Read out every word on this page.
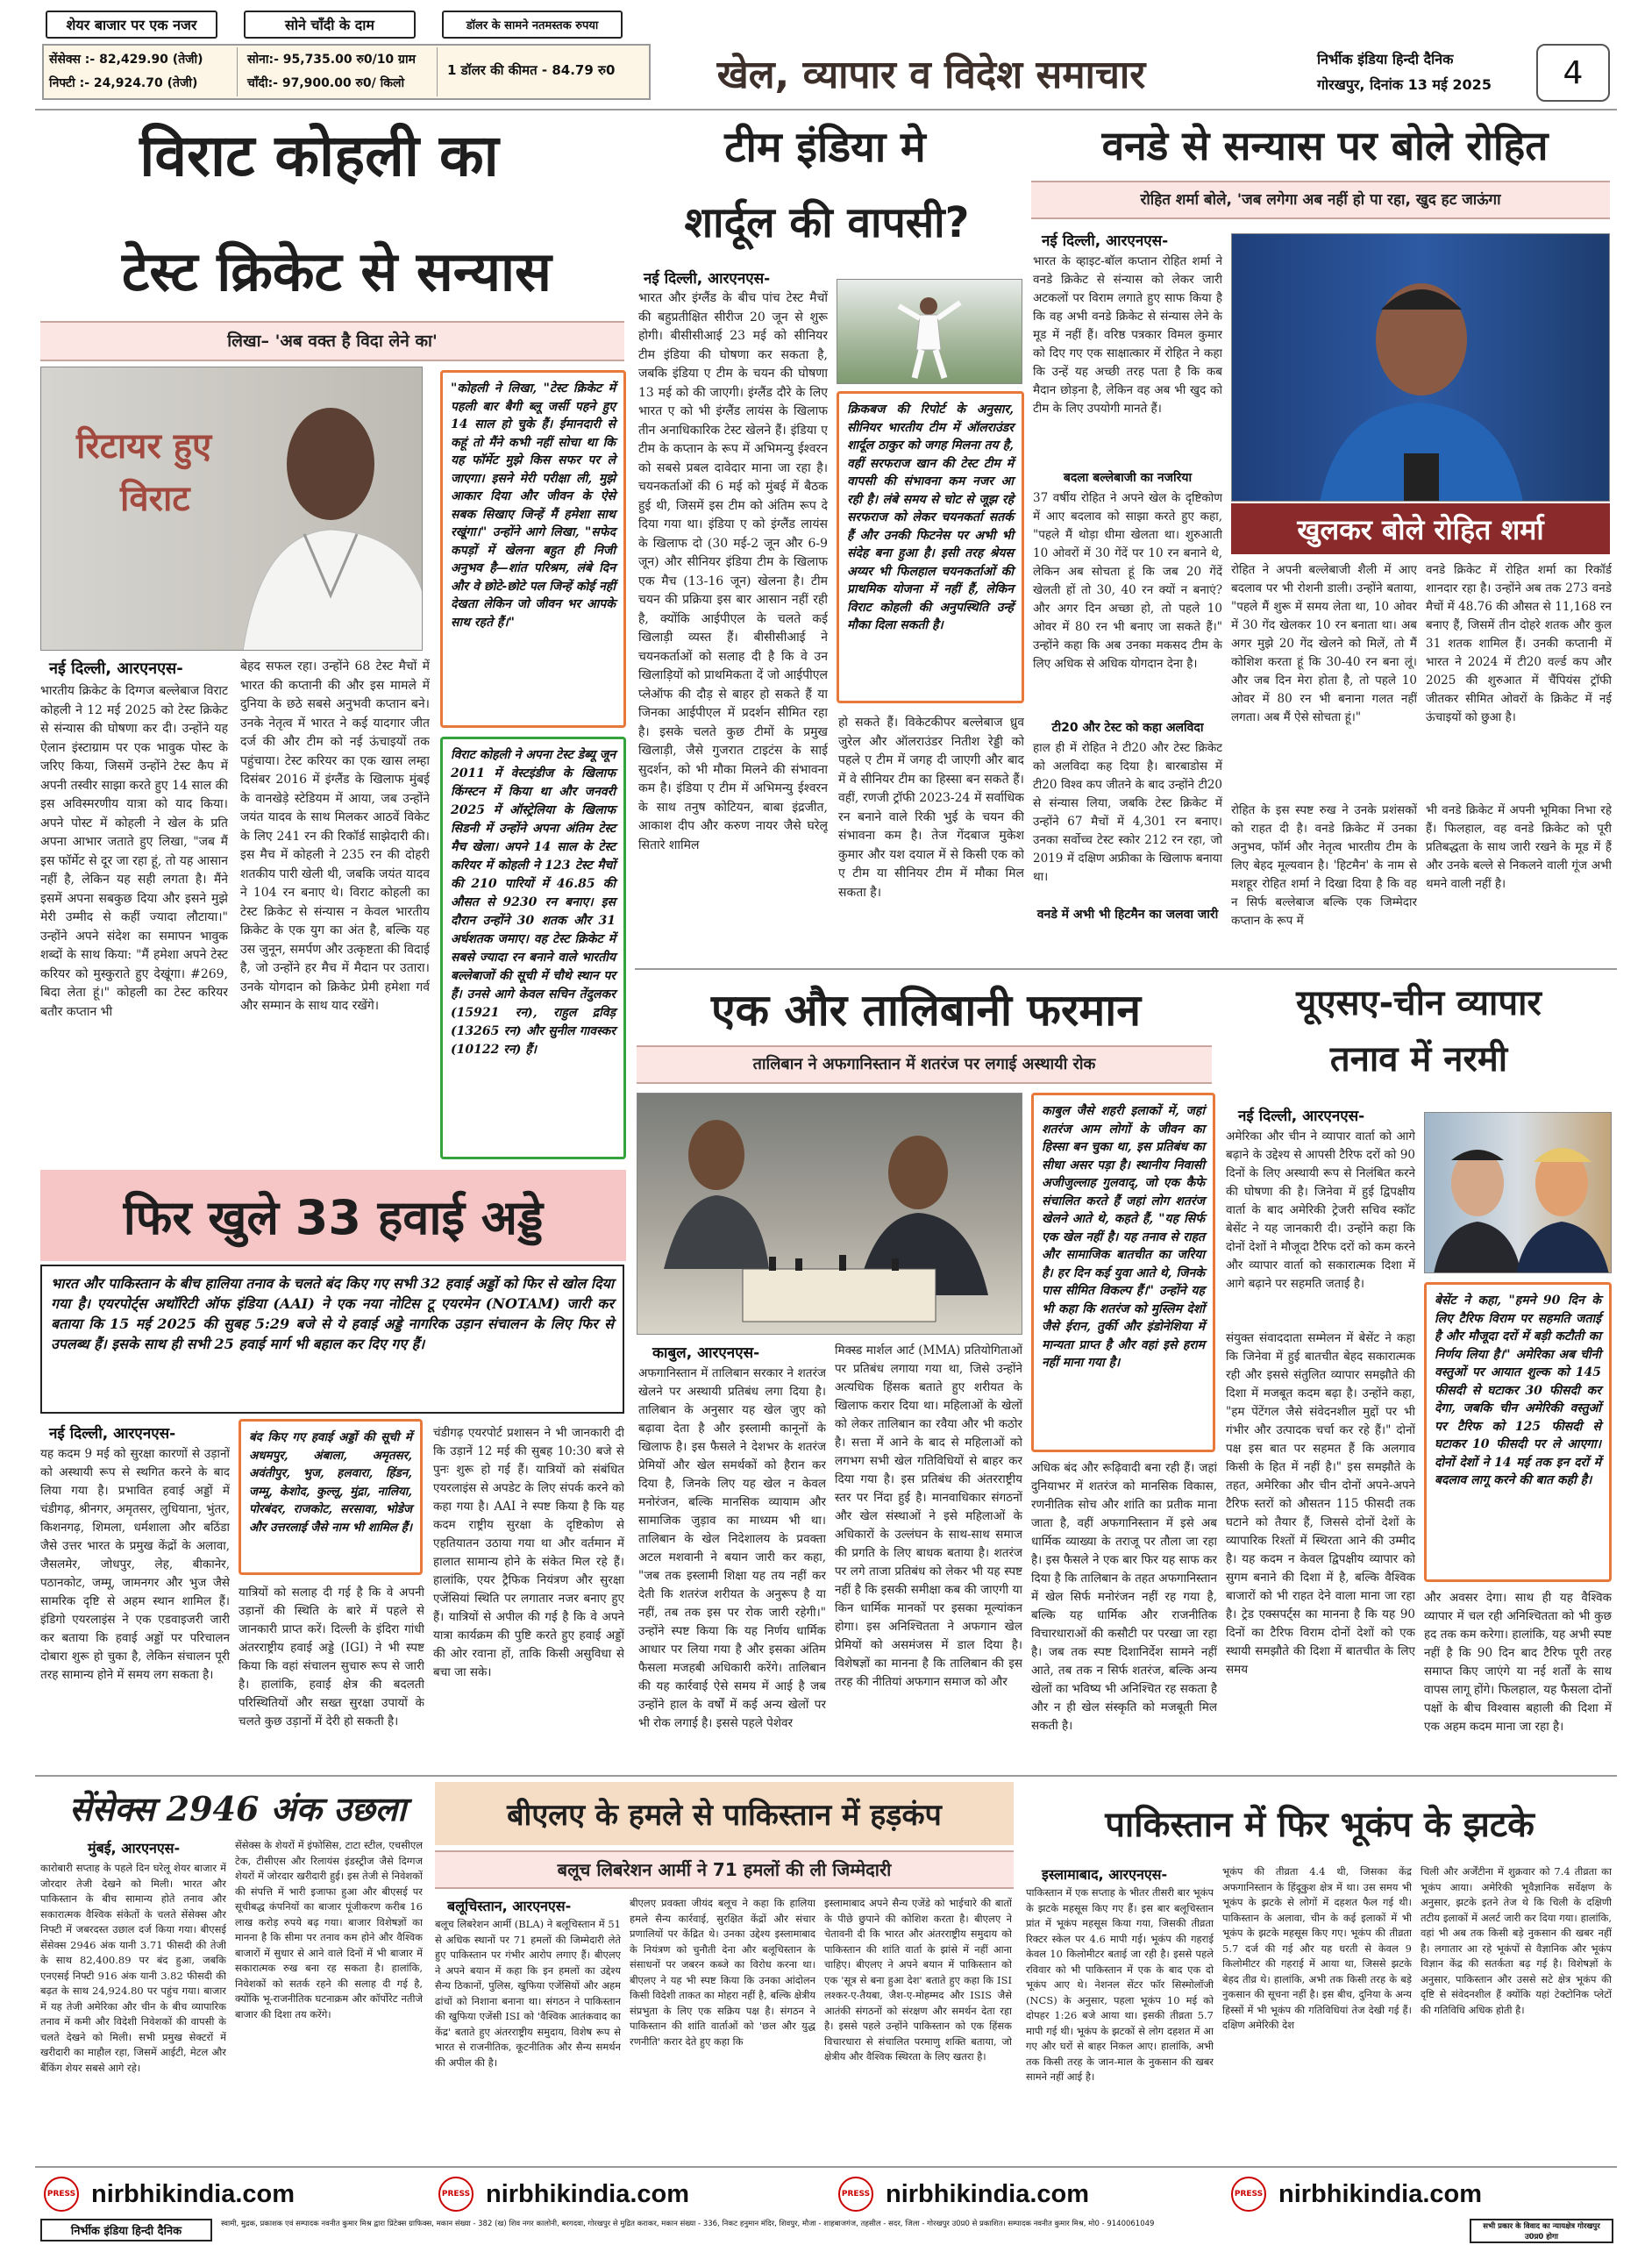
शेयर बाजार पर एक नजर	सोने चाँदी के दाम	डॉलर के सामने नतमस्तक रुपया
सेंसेक्स :- 82,429.90 (तेजी)
निफ्टी :- 24,924.70 (तेजी)
सोना:- 95,735.00 रु0/10 ग्राम
चाँदी:- 97,900.00 रु0/ किलो
1 डॉलर की कीमत - 84.79 रु0	खेल, व्यापार व विदेश समाचार	निर्भीक इंडिया हिन्दी दैनिक
गोरखपुर, दिनांक 13 मई 2025	4
विराट कोहली का
टेस्ट क्रिकेट से सन्यास
लिखा– 'अब वक्त है विदा लेने का'
रिटायर हुए
विराट
"कोहली ने लिखा, "टेस्ट क्रिकेट में पहली बार बैगी ब्लू जर्सी पहने हुए 14 साल हो चुके हैं। ईमानदारी से कहूं तो मैंने कभी नहीं सोचा था कि यह फॉर्मेट मुझे किस सफर पर ले जाएगा। इसने मेरी परीक्षा ली, मुझे आकार दिया और जीवन के ऐसे सबक सिखाए जिन्हें मैं हमेशा साथ रखूंगा।" उन्होंने आगे लिखा, "सफेद कपड़ों में खेलना बहुत ही निजी अनुभव है—शांत परिश्रम, लंबे दिन और वे छोटे-छोटे पल जिन्हें कोई नहीं देखता लेकिन जो जीवन भर आपके साथ रहते हैं।"
विराट कोहली ने अपना टेस्ट डेब्यू जून 2011 में वेस्टइंडीज के खिलाफ किंग्स्टन में किया था और जनवरी 2025 में ऑस्ट्रेलिया के खिलाफ सिडनी में उन्होंने अपना अंतिम टेस्ट मैच खेला। अपने 14 साल के टेस्ट करियर में कोहली ने 123 टेस्ट मैचों की 210 पारियों में 46.85 की औसत से 9230 रन बनाए। इस दौरान उन्होंने 30 शतक और 31 अर्धशतक जमाए। वह टेस्ट क्रिकेट में सबसे ज्यादा रन बनाने वाले भारतीय बल्लेबाजों की सूची में चौथे स्थान पर हैं। उनसे आगे केवल सचिन तेंदुलकर (15921 रन), राहुल द्रविड़ (13265 रन) और सुनील गावस्कर (10122 रन) हैं।
नई दिल्ली, आरएनएस-
भारतीय क्रिकेट के दिग्गज बल्लेबाज विराट कोहली ने 12 मई 2025 को टेस्ट क्रिकेट से संन्यास की घोषणा कर दी। उन्होंने यह ऐलान इंस्टाग्राम पर एक भावुक पोस्ट के जरिए किया, जिसमें उन्होंने टेस्ट कैप में अपनी तस्वीर साझा करते हुए 14 साल की इस अविस्मरणीय यात्रा को याद किया। अपने पोस्ट में कोहली ने खेल के प्रति अपना आभार जताते हुए लिखा, "जब मैं इस फॉर्मेट से दूर जा रहा हूं, तो यह आसान नहीं है, लेकिन यह सही लगता है। मैंने इसमें अपना सबकुछ दिया और इसने मुझे मेरी उम्मीद से कहीं ज्यादा लौटाया।" उन्होंने अपने संदेश का समापन भावुक शब्दों के साथ किया: "मैं हमेशा अपने टेस्ट करियर को मुस्कुराते हुए देखूंगा। #269, बिदा लेता हूं।" कोहली का टेस्ट करियर बतौर कप्तान भी
बेहद सफल रहा। उन्होंने 68 टेस्ट मैचों में भारत की कप्तानी की और इस मामले में दुनिया के छठे सबसे अनुभवी कप्तान बने। उनके नेतृत्व में भारत ने कई यादगार जीत दर्ज की और टीम को नई ऊंचाइयों तक पहुंचाया। टेस्ट करियर का एक खास लम्हा दिसंबर 2016 में इंग्लैंड के खिलाफ मुंबई के वानखेड़े स्टेडियम में आया, जब उन्होंने जयंत यादव के साथ मिलकर आठवें विकेट के लिए 241 रन की रिकॉर्ड साझेदारी की। इस मैच में कोहली ने 235 रन की दोहरी शतकीय पारी खेली थी, जबकि जयंत यादव ने 104 रन बनाए थे। विराट कोहली का टेस्ट क्रिकेट से संन्यास न केवल भारतीय क्रिकेट के एक युग का अंत है, बल्कि यह उस जुनून, समर्पण और उत्कृष्टता की विदाई है, जो उन्होंने हर मैच में मैदान पर उतारा। उनके योगदान को क्रिकेट प्रेमी हमेशा गर्व और सम्मान के साथ याद रखेंगे।
टीम इंडिया मे
शार्दूल की वापसी?
नई दिल्ली, आरएनएस-
भारत और इंग्लैंड के बीच पांच टेस्ट मैचों की बहुप्रतीक्षित सीरीज 20 जून से शुरू होगी। बीसीसीआई 23 मई को सीनियर टीम इंडिया की घोषणा कर सकता है, जबकि इंडिया ए टीम के चयन की घोषणा 13 मई को की जाएगी। इंग्लैंड दौरे के लिए भारत ए को भी इंग्लैंड लायंस के खिलाफ तीन अनाधिकारिक टेस्ट खेलने हैं। इंडिया ए टीम के कप्तान के रूप में अभिमन्यु ईश्वरन को सबसे प्रबल दावेदार माना जा रहा है। चयनकर्ताओं की 6 मई को मुंबई में बैठक हुई थी, जिसमें इस टीम को अंतिम रूप दे दिया गया था। इंडिया ए को इंग्लैंड लायंस के खिलाफ दो (30 मई-2 जून और 6-9 जून) और सीनियर इंडिया टीम के खिलाफ एक मैच (13-16 जून) खेलना है। टीम चयन की प्रक्रिया इस बार आसान नहीं रही है, क्योंकि आईपीएल के चलते कई खिलाड़ी व्यस्त हैं। बीसीसीआई ने चयनकर्ताओं को सलाह दी है कि वे उन खिलाड़ियों को प्राथमिकता दें जो आईपीएल प्लेऑफ की दौड़ से बाहर हो सकते हैं या जिनका आईपीएल में प्रदर्शन सीमित रहा है। इसके चलते कुछ टीमों के प्रमुख खिलाड़ी, जैसे गुजरात टाइटंस के साई सुदर्शन, को भी मौका मिलने की संभावना कम है। इंडिया ए टीम में अभिमन्यु ईश्वरन के साथ तनुष कोटियन, बाबा इंद्रजीत, आकाश दीप और करुण नायर जैसे घरेलू सितारे शामिल
क्रिकबज की रिपोर्ट के अनुसार, सीनियर भारतीय टीम में ऑलराउंडर शार्दूल ठाकुर को जगह मिलना तय है, वहीं सरफराज खान की टेस्ट टीम में वापसी की संभावना कम नजर आ रही है। लंबे समय से चोट से जूझ रहे सरफराज को लेकर चयनकर्ता सतर्क हैं और उनकी फिटनेस पर अभी भी संदेह बना हुआ है। इसी तरह श्रेयस अय्यर भी फिलहाल चयनकर्ताओं की प्राथमिक योजना में नहीं हैं, लेकिन विराट कोहली की अनुपस्थिति उन्हें मौका दिला सकती है।
हो सकते हैं। विकेटकीपर बल्लेबाज ध्रुव जुरेल और ऑलराउंडर नितीश रेड्डी को पहले ए टीम में जगह दी जाएगी और बाद में वे सीनियर टीम का हिस्सा बन सकते हैं। वहीं, रणजी ट्रॉफी 2023-24 में सर्वाधिक रन बनाने वाले रिकी भुई के चयन की संभावना कम है। तेज गेंदबाज मुकेश कुमार और यश दयाल में से किसी एक को ए टीम या सीनियर टीम में मौका मिल सकता है।
वनडे से सन्यास पर बोले रोहित
रोहित शर्मा बोले, 'जब लगेगा अब नहीं हो पा रहा, खुद हट जाऊंगा
नई दिल्ली, आरएनएस-
भारत के व्हाइट-बॉल कप्तान रोहित शर्मा ने वनडे क्रिकेट से संन्यास को लेकर जारी अटकलों पर विराम लगाते हुए साफ किया है कि वह अभी वनडे क्रिकेट से संन्यास लेने के मूड में नहीं हैं। वरिष्ठ पत्रकार विमल कुमार को दिए गए एक साक्षात्कार में रोहित ने कहा कि उन्हें यह अच्छी तरह पता है कि कब मैदान छोड़ना है, लेकिन वह अब भी खुद को टीम के लिए उपयोगी मानते हैं।
बदला बल्लेबाजी का नजरिया
37 वर्षीय रोहित ने अपने खेल के दृष्टिकोण में आए बदलाव को साझा करते हुए कहा, "पहले मैं थोड़ा धीमा खेलता था। शुरुआती 10 ओवरों में 30 गेंदें पर 10 रन बनाने थे, लेकिन अब सोचता हूं कि जब 20 गेंदें खेलती हों तो 30, 40 रन क्यों न बनाएं? और अगर दिन अच्छा हो, तो पहले 10 ओवर में 80 रन भी बनाए जा सकते हैं।" उन्होंने कहा कि अब उनका मकसद टीम के लिए अधिक से अधिक योगदान देना है।
टी20 और टेस्ट को कहा अलविदा
हाल ही में रोहित ने टी20 और टेस्ट क्रिकेट को अलविदा कह दिया है। बारबाडोस में टी20 विश्व कप जीतने के बाद उन्होंने टी20 से संन्यास लिया, जबकि टेस्ट क्रिकेट में उन्होंने 67 मैचों में 4,301 रन बनाए। उनका सर्वोच्च टेस्ट स्कोर 212 रन रहा, जो 2019 में दक्षिण अफ्रीका के खिलाफ बनाया था।
वनडे में अभी भी हिटमैन का जलवा जारी
खुलकर बोले रोहित शर्मा
रोहित ने अपनी बल्लेबाजी शैली में आए बदलाव पर भी रोशनी डाली। उन्होंने बताया, "पहले मैं शुरू में समय लेता था, 10 ओवर में 30 गेंद खेलकर 10 रन बनाता था। अब अगर मुझे 20 गेंद खेलने को मिलें, तो मैं कोशिश करता हूं कि 30-40 रन बना लूं। और जब दिन मेरा होता है, तो पहले 10 ओवर में 80 रन भी बनाना गलत नहीं लगता। अब मैं ऐसे सोचता हूं।"
वनडे क्रिकेट में रोहित शर्मा का रिकॉर्ड शानदार रहा है। उन्होंने अब तक 273 वनडे मैचों में 48.76 की औसत से 11,168 रन बनाए हैं, जिसमें तीन दोहरे शतक और कुल 31 शतक शामिल हैं। उनकी कप्तानी में भारत ने 2024 में टी20 वर्ल्ड कप और 2025 की शुरुआत में चैंपियंस ट्रॉफी जीतकर सीमित ओवरों के क्रिकेट में नई ऊंचाइयों को छुआ है।
रोहित के इस स्पष्ट रुख ने उनके प्रशंसकों को राहत दी है। वनडे क्रिकेट में उनका अनुभव, फॉर्म और नेतृत्व भारतीय टीम के लिए बेहद मूल्यवान है। 'हिटमैन' के नाम से मशहूर रोहित शर्मा ने दिखा दिया है कि वह न सिर्फ बल्लेबाज बल्कि एक जिम्मेदार कप्तान के रूप में
भी वनडे क्रिकेट में अपनी भूमिका निभा रहे हैं। फिलहाल, वह वनडे क्रिकेट को पूरी प्रतिबद्धता के साथ जारी रखने के मूड में हैं और उनके बल्ले से निकलने वाली गूंज अभी थमने वाली नहीं है।
एक और तालिबानी फरमान
तालिबान ने अफगानिस्तान में शतरंज पर लगाई अस्थायी रोक
काबुल जैसे शहरी इलाकों में, जहां शतरंज आम लोगों के जीवन का हिस्सा बन चुका था, इस प्रतिबंध का सीधा असर पड़ा है। स्थानीय निवासी अजीजुल्लाह गुलवाद्, जो एक कैफे संचालित करते हैं जहां लोग शतरंज खेलने आते थे, कहते हैं, "यह सिर्फ एक खेल नहीं है। यह तनाव से राहत और सामाजिक बातचीत का जरिया है। हर दिन कई युवा आते थे, जिनके पास सीमित विकल्प हैं।" उन्होंने यह भी कहा कि शतरंज को मुस्लिम देशों जैसे ईरान, तुर्की और इंडोनेशिया में मान्यता प्राप्त है और वहां इसे हराम नहीं माना गया है।
काबुल, आरएनएस-
अफगानिस्तान में तालिबान सरकार ने शतरंज खेलने पर अस्थायी प्रतिबंध लगा दिया है। तालिबान के अनुसार यह खेल जुए को बढ़ावा देता है और इस्लामी कानूनों के खिलाफ है। इस फैसले ने देशभर के शतरंज प्रेमियों और खेल समर्थकों को हैरान कर दिया है, जिनके लिए यह खेल न केवल मनोरंजन, बल्कि मानसिक व्यायाम और सामाजिक जुड़ाव का माध्यम भी था। तालिबान के खेल निदेशालय के प्रवक्ता अटल मशवानी ने बयान जारी कर कहा, "जब तक इस्लामी शिक्षा यह तय नहीं कर देती कि शतरंज शरीयत के अनुरूप है या नहीं, तब तक इस पर रोक जारी रहेगी।" उन्होंने स्पष्ट किया कि यह निर्णय धार्मिक आधार पर लिया गया है और इसका अंतिम फैसला मजहबी अधिकारी करेंगे। तालिबान की यह कार्रवाई ऐसे समय में आई है जब उन्होंने हाल के वर्षों में कई अन्य खेलों पर भी रोक लगाई है। इससे पहले पेशेवर
मिक्स्ड मार्शल आर्ट (MMA) प्रतियोगिताओं पर प्रतिबंध लगाया गया था, जिसे उन्होंने अत्यधिक हिंसक बताते हुए शरीयत के खिलाफ करार दिया था। महिलाओं के खेलों को लेकर तालिबान का रवैया और भी कठोर है। सत्ता में आने के बाद से महिलाओं को लगभग सभी खेल गतिविधियों से बाहर कर दिया गया है। इस प्रतिबंध की अंतरराष्ट्रीय स्तर पर निंदा हुई है। मानवाधिकार संगठनों और खेल संस्थाओं ने इसे महिलाओं के अधिकारों के उल्लंघन के साथ-साथ समाज की प्रगति के लिए बाधक बताया है। शतरंज पर लगे ताजा प्रतिबंध को लेकर भी यह स्पष्ट नहीं है कि इसकी समीक्षा कब की जाएगी या किन धार्मिक मानकों पर इसका मूल्यांकन होगा। इस अनिश्चितता ने अफगान खेल प्रेमियों को असमंजस में डाल दिया है। विशेषज्ञों का मानना है कि तालिबान की इस तरह की नीतियां अफगान समाज को और
अधिक बंद और रूढ़िवादी बना रही हैं। जहां दुनियाभर में शतरंज को मानसिक विकास, रणनीतिक सोच और शांति का प्रतीक माना जाता है, वहीं अफगानिस्तान में इसे अब धार्मिक व्याख्या के तराजू पर तौला जा रहा है। इस फैसले ने एक बार फिर यह साफ कर दिया है कि तालिबान के तहत अफगानिस्तान में खेल सिर्फ मनोरंजन नहीं रह गया है, बल्कि यह धार्मिक और राजनीतिक विचारधाराओं की कसौटी पर परखा जा रहा है। जब तक स्पष्ट दिशानिर्देश सामने नहीं आते, तब तक न सिर्फ शतरंज, बल्कि अन्य खेलों का भविष्य भी अनिश्चित रह सकता है और न ही खेल संस्कृति को मजबूती मिल सकती है।
यूएसए-चीन व्यापार
तनाव में नरमी
नई दिल्ली, आरएनएस-
अमेरिका और चीन ने व्यापार वार्ता को आगे बढ़ाने के उद्देश्य से आपसी टैरिफ दरों को 90 दिनों के लिए अस्थायी रूप से निलंबित करने की घोषणा की है। जिनेवा में हुई द्विपक्षीय वार्ता के बाद अमेरिकी ट्रेजरी सचिव स्कॉट बेसेंट ने यह जानकारी दी। उन्होंने कहा कि दोनों देशों ने मौजूदा टैरिफ दरों को कम करने और व्यापार वार्ता को सकारात्मक दिशा में आगे बढ़ाने पर सहमति जताई है।
बेसेंट ने कहा, "हमने 90 दिन के लिए टैरिफ विराम पर सहमति जताई है और मौजूदा दरों में बड़ी कटौती का निर्णय लिया है।" अमेरिका अब चीनी वस्तुओं पर आयात शुल्क को 145 फीसदी से घटाकर 30 फीसदी कर देगा, जबकि चीन अमेरिकी वस्तुओं पर टैरिफ को 125 फीसदी से घटाकर 10 फीसदी पर ले आएगा। दोनों देशों ने 14 मई तक इन दरों में बदलाव लागू करने की बात कही है।
संयुक्त संवाददाता सम्मेलन में बेसेंट ने कहा कि जिनेवा में हुई बातचीत बेहद सकारात्मक रही और इससे संतुलित व्यापार समझौते की दिशा में मजबूत कदम बढ़ा है। उन्होंने कहा, "हम पेंटेंगल जैसे संवेदनशील मुद्दों पर भी गंभीर और उत्पादक चर्चा कर रहे हैं।" दोनों पक्ष इस बात पर सहमत हैं कि अलगाव किसी के हित में नहीं है।" इस समझौते के तहत, अमेरिका और चीन दोनों अपने-अपने टैरिफ स्तरों को औसतन 115 फीसदी तक घटाने को तैयार हैं, जिससे दोनों देशों के व्यापारिक रिश्तों में स्थिरता आने की उम्मीद है। यह कदम न केवल द्विपक्षीय व्यापार को सुगम बनाने की दिशा में है, बल्कि वैश्विक बाजारों को भी राहत देने वाला माना जा रहा है। ट्रेड एक्सपर्ट्स का मानना है कि यह 90 दिनों का टैरिफ विराम दोनों देशों को एक स्थायी समझौते की दिशा में बातचीत के लिए समय
और अवसर देगा। साथ ही यह वैश्विक व्यापार में चल रही अनिश्चितता को भी कुछ हद तक कम करेगा। हालांकि, यह अभी स्पष्ट नहीं है कि 90 दिन बाद टैरिफ पूरी तरह समाप्त किए जाएंगे या नई शर्तों के साथ वापस लागू होंगे। फिलहाल, यह फैसला दोनों पक्षों के बीच विश्वास बहाली की दिशा में एक अहम कदम माना जा रहा है।
फिर खुले 33 हवाई अड्डे
भारत और पाकिस्तान के बीच हालिया तनाव के चलते बंद किए गए सभी 32 हवाई अड्डों को फिर से खोल दिया गया है। एयरपोर्ट्स अथॉरिटी ऑफ इंडिया (AAI) ने एक नया नोटिस टू एयरमेन (NOTAM) जारी कर बताया कि 15 मई 2025 की सुबह 5:29 बजे से ये हवाई अड्डे नागरिक उड़ान संचालन के लिए फिर से उपलब्ध हैं। इसके साथ ही सभी 25 हवाई मार्ग भी बहाल कर दिए गए हैं।
नई दिल्ली, आरएनएस-
यह कदम 9 मई को सुरक्षा कारणों से उड़ानों को अस्थायी रूप से स्थगित करने के बाद लिया गया है। प्रभावित हवाई अड्डों में चंडीगढ़, श्रीनगर, अमृतसर, लुधियाना, भुंतर, किशनगढ़, शिमला, धर्मशाला और बठिंडा जैसे उत्तर भारत के प्रमुख केंद्रों के अलावा, जैसलमेर, जोधपुर, लेह, बीकानेर, पठानकोट, जम्मू, जामनगर और भुज जैसे सामरिक दृष्टि से अहम स्थान शामिल हैं। इंडिगो एयरलाइंस ने एक एडवाइजरी जारी कर बताया कि हवाई अड्डों पर परिचालन दोबारा शुरू हो चुका है, लेकिन संचालन पूरी तरह सामान्य होने में समय लग सकता है।
बंद किए गए हवाई अड्डों की सूची में अधमपुर, अंबाला, अमृतसर, अवंतीपुर, भुज, हलवारा, हिंडन, जम्मू, केशोद, कुल्लू, मुंद्रा, नालिया, पोरबंदर, राजकोट, सरसावा, भोडेज और उत्तरलाई जैसे नाम भी शामिल हैं।
यात्रियों को सलाह दी गई है कि वे अपनी उड़ानों की स्थिति के बारे में पहले से जानकारी प्राप्त करें। दिल्ली के इंदिरा गांधी अंतरराष्ट्रीय हवाई अड्डे (IGI) ने भी स्पष्ट किया कि वहां संचालन सुचारु रूप से जारी है। हालांकि, हवाई क्षेत्र की बदलती परिस्थितियों और सख्त सुरक्षा उपायों के चलते कुछ उड़ानों में देरी हो सकती है।
चंडीगढ़ एयरपोर्ट प्रशासन ने भी जानकारी दी कि उड़ानें 12 मई की सुबह 10:30 बजे से पुनः शुरू हो गई हैं। यात्रियों को संबंधित एयरलाइंस से अपडेट के लिए संपर्क करने को कहा गया है। AAI ने स्पष्ट किया है कि यह कदम राष्ट्रीय सुरक्षा के दृष्टिकोण से एहतियातन उठाया गया था और वर्तमान में हालात सामान्य होने के संकेत मिल रहे हैं। हालांकि, एयर ट्रैफिक नियंत्रण और सुरक्षा एजेंसियां स्थिति पर लगातार नजर बनाए हुए हैं। यात्रियों से अपील की गई है कि वे अपने यात्रा कार्यक्रम की पुष्टि करते हुए हवाई अड्डों की ओर रवाना हों, ताकि किसी असुविधा से बचा जा सके।
सेंसेक्स 2946 अंक उछला
मुंबई, आरएनएस-
कारोबारी सप्ताह के पहले दिन घरेलू शेयर बाजार में जोरदार तेजी देखने को मिली। भारत और पाकिस्तान के बीच सामान्य होते तनाव और सकारात्मक वैश्विक संकेतों के चलते सेंसेक्स और निफ्टी में जबरदस्त उछाल दर्ज किया गया। बीएसई सेंसेक्स 2946 अंक यानी 3.71 फीसदी की तेजी के साथ 82,400.89 पर बंद हुआ, जबकि एनएसई निफ्टी 916 अंक यानी 3.82 फीसदी की बढ़त के साथ 24,924.80 पर पहुंच गया। बाजार में यह तेजी अमेरिका और चीन के बीच व्यापारिक तनाव में कमी और विदेशी निवेशकों की वापसी के चलते देखने को मिली। सभी प्रमुख सेक्टरों में खरीदारी का माहौल रहा, जिसमें आईटी, मेटल और बैंकिंग शेयर सबसे आगे रहे।
सेंसेक्स के शेयरों में इंफोसिस, टाटा स्टील, एचसीएल टेक, टीसीएस और रिलायंस इंडस्ट्रीज जैसे दिग्गज शेयरों में जोरदार खरीदारी हुई। इस तेजी से निवेशकों की संपत्ति में भारी इजाफा हुआ और बीएसई पर सूचीबद्ध कंपनियों का बाजार पूंजीकरण करीब 16 लाख करोड़ रुपये बढ़ गया। बाजार विशेषज्ञों का मानना है कि सीमा पर तनाव कम होने और वैश्विक बाजारों में सुधार से आने वाले दिनों में भी बाजार में सकारात्मक रुख बना रह सकता है। हालांकि, निवेशकों को सतर्क रहने की सलाह दी गई है, क्योंकि भू-राजनीतिक घटनाक्रम और कॉर्पोरेट नतीजे बाजार की दिशा तय करेंगे।
बीएलए के हमले से पाकिस्तान में हड़कंप
बलूच लिबरेशन आर्मी ने 71 हमलों की ली जिम्मेदारी
बलूचिस्तान, आरएनएस-
बलूच लिबरेशन आर्मी (BLA) ने बलूचिस्तान में 51 से अधिक स्थानों पर 71 हमलों की जिम्मेदारी लेते हुए पाकिस्तान पर गंभीर आरोप लगाए हैं। बीएलए ने अपने बयान में कहा कि इन हमलों का उद्देश्य सैन्य ठिकानों, पुलिस, खुफिया एजेंसियों और अहम ढांचों को निशाना बनाना था। संगठन ने पाकिस्तान की खुफिया एजेंसी ISI को 'वैश्विक आतंकवाद का केंद्र' बताते हुए अंतरराष्ट्रीय समुदाय, विशेष रूप से भारत से राजनीतिक, कूटनीतिक और सैन्य समर्थन की अपील की है।
बीएलए प्रवक्ता जीयंद बलूच ने कहा कि हालिया हमले सैन्य कार्रवाई, सुरक्षित केंद्रों और संचार प्रणालियों पर केंद्रित थे। उनका उद्देश्य इस्लामाबाद के नियंत्रण को चुनौती देना और बलूचिस्तान के संसाधनों पर जबरन कब्जे का विरोध करना था। बीएलए ने यह भी स्पष्ट किया कि उनका आंदोलन किसी विदेशी ताकत का मोहरा नहीं है, बल्कि क्षेत्रीय संप्रभुता के लिए एक सक्रिय पक्ष है। संगठन ने पाकिस्तान की शांति वार्ताओं को 'छल और युद्ध रणनीति' करार देते हुए कहा कि
इस्लामाबाद अपने सैन्य एजेंडे को भाईचारे की बातों के पीछे छुपाने की कोशिश करता है। बीएलए ने चेतावनी दी कि भारत और अंतरराष्ट्रीय समुदाय को पाकिस्तान की शांति वार्ता के झांसे में नहीं आना चाहिए। बीएलए ने अपने बयान में पाकिस्तान को एक 'सूत्र से बना हुआ देश' बताते हुए कहा कि ISI लश्कर-ए-तैयबा, जैश-ए-मोहम्मद और ISIS जैसे आतंकी संगठनों को संरक्षण और समर्थन देता रहा है। इससे पहले उन्होंने पाकिस्तान को एक हिंसक विचारधारा से संचालित परमाणु शक्ति बताया, जो क्षेत्रीय और वैश्विक स्थिरता के लिए खतरा है।
पाकिस्तान में फिर भूकंप के झटके
इस्लामाबाद, आरएनएस-
पाकिस्तान में एक सप्ताह के भीतर तीसरी बार भूकंप के झटके महसूस किए गए हैं। इस बार बलूचिस्तान प्रांत में भूकंप महसूस किया गया, जिसकी तीव्रता रिक्टर स्केल पर 4.6 मापी गई। भूकंप की गहराई केवल 10 किलोमीटर बताई जा रही है। इससे पहले रविवार को भी पाकिस्तान में एक के बाद एक दो भूकंप आए थे। नेशनल सेंटर फॉर सिस्मोलॉजी (NCS) के अनुसार, पहला भूकंप 10 मई को दोपहर 1:26 बजे आया था। इसकी तीव्रता 5.7 मापी गई थी। भूकंप के झटकों से लोग दहशत में आ गए और घरों से बाहर निकल आए। हालांकि, अभी तक किसी तरह के जान-माल के नुकसान की खबर सामने नहीं आई है।
भूकंप की तीव्रता 4.4 थी, जिसका केंद्र अफगानिस्तान के हिंदूकुश क्षेत्र में था। उस समय भी भूकंप के झटके से लोगों में दहशत फैल गई थी। पाकिस्तान के अलावा, चीन के कई इलाकों में भी भूकंप के झटके महसूस किए गए। भूकंप की तीव्रता 5.7 दर्ज की गई और यह धरती से केवल 9 किलोमीटर की गहराई में आया था, जिससे झटके बेहद तीव्र थे। हालांकि, अभी तक किसी तरह के बड़े नुकसान की सूचना नहीं है। इस बीच, दुनिया के अन्य हिस्सों में भी भूकंप की गतिविधियां तेज देखी गई हैं। दक्षिण अमेरिकी देश
चिली और अर्जेंटीना में शुक्रवार को 7.4 तीव्रता का भूकंप आया। अमेरिकी भूवैज्ञानिक सर्वेक्षण के अनुसार, झटके इतने तेज थे कि चिली के दक्षिणी तटीय इलाकों में अलर्ट जारी कर दिया गया। हालांकि, वहां भी अब तक किसी बड़े नुकसान की खबर नहीं है। लगातार आ रहे भूकंपों से वैज्ञानिक और भूकंप विज्ञान केंद्र की सतर्कता बढ़ गई है। विशेषज्ञों के अनुसार, पाकिस्तान और उससे सटे क्षेत्र भूकंप की दृष्टि से संवेदनशील हैं क्योंकि यहां टेक्टोनिक प्लेटों की गतिविधि अधिक होती है।
PRESS nirbhikindia.com	PRESS nirbhikindia.com	PRESS nirbhikindia.com	PRESS nirbhikindia.com
निर्भीक इंडिया हिन्दी दैनिक
स्वामी, मुद्रक, प्रकाशक एवं सम्पादक नवनीत कुमार मिश्र द्वारा प्रिंटेक्स ग्राफिक्स, मकान संख्या - 382 (ख) शिव नगर कालोनी, बरगदवा, गोरखपुर से मुद्रित कराकर, मकान संख्या - 336, निकट हनुमान मंदिर, शिवपुर, मौजा - शाहबाजगंज, तहसील - सदर, जिला - गोरखपुर उ0प्र0 से प्रकाशित। सम्पादक नवनीत कुमार मिश्र, मो0 - 9140061049	सभी प्रकार के विवाद का न्यायक्षेत्र गोरखपुर उ0प्र0 होगा
